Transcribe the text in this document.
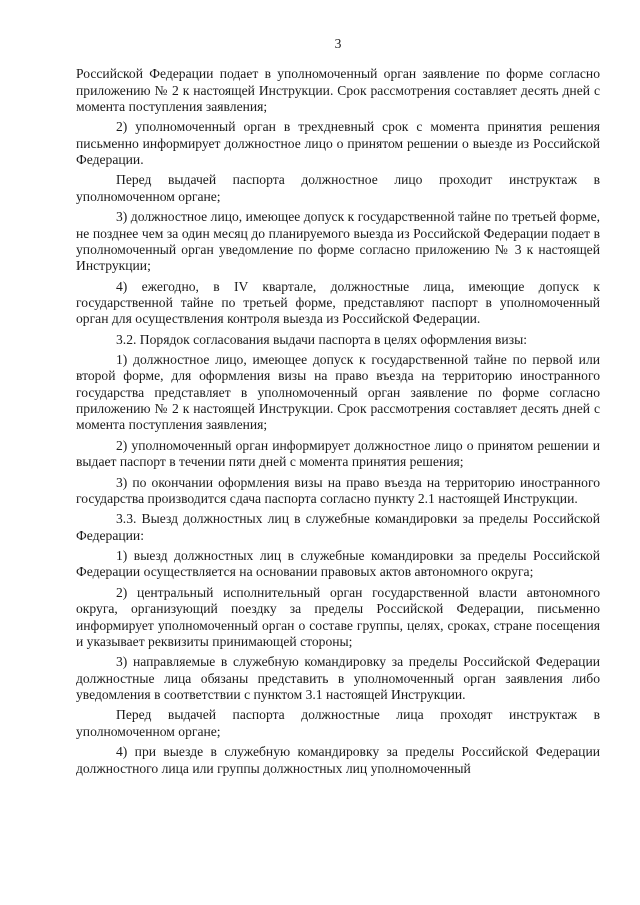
3

Российской Федерации подает в уполномоченный орган заявление по форме согласно приложению № 2 к настоящей Инструкции. Срок рассмотрения составляет десять дней с момента поступления заявления;

2) уполномоченный орган в трехдневный срок с момента принятия решения письменно информирует должностное лицо о принятом решении о выезде из Российской Федерации.

Перед выдачей паспорта должностное лицо проходит инструктаж в уполномоченном органе;

3) должностное лицо, имеющее допуск к государственной тайне по третьей форме, не позднее чем за один месяц до планируемого выезда из Российской Федерации подает в уполномоченный орган уведомление по форме согласно приложению № 3 к настоящей Инструкции;

4) ежегодно, в IV квартале, должностные лица, имеющие допуск к государственной тайне по третьей форме, представляют паспорт в уполномоченный орган для осуществления контроля выезда из Российской Федерации.

3.2. Порядок согласования выдачи паспорта в целях оформления визы:

1) должностное лицо, имеющее допуск к государственной тайне по первой или второй форме, для оформления визы на право въезда на территорию иностранного государства представляет в уполномоченный орган заявление по форме согласно приложению № 2 к настоящей Инструкции. Срок рассмотрения составляет десять дней с момента поступления заявления;

2) уполномоченный орган информирует должностное лицо о принятом решении и выдает паспорт в течении пяти дней с момента принятия решения;

3) по окончании оформления визы на право въезда на территорию иностранного государства производится сдача паспорта согласно пункту 2.1 настоящей Инструкции.

3.3. Выезд должностных лиц в служебные командировки за пределы Российской Федерации:

1) выезд должностных лиц в служебные командировки за пределы Российской Федерации осуществляется на основании правовых актов автономного округа;

2) центральный исполнительный орган государственной власти автономного округа, организующий поездку за пределы Российской Федерации, письменно информирует уполномоченный орган о составе группы, целях, сроках, стране посещения и указывает реквизиты принимающей стороны;

3) направляемые в служебную командировку за пределы Российской Федерации должностные лица обязаны представить в уполномоченный орган заявления либо уведомления в соответствии с пунктом 3.1 настоящей Инструкции.

Перед выдачей паспорта должностные лица проходят инструктаж в уполномоченном органе;

4) при выезде в служебную командировку за пределы Российской Федерации должностного лица или группы должностных лиц уполномоченный
